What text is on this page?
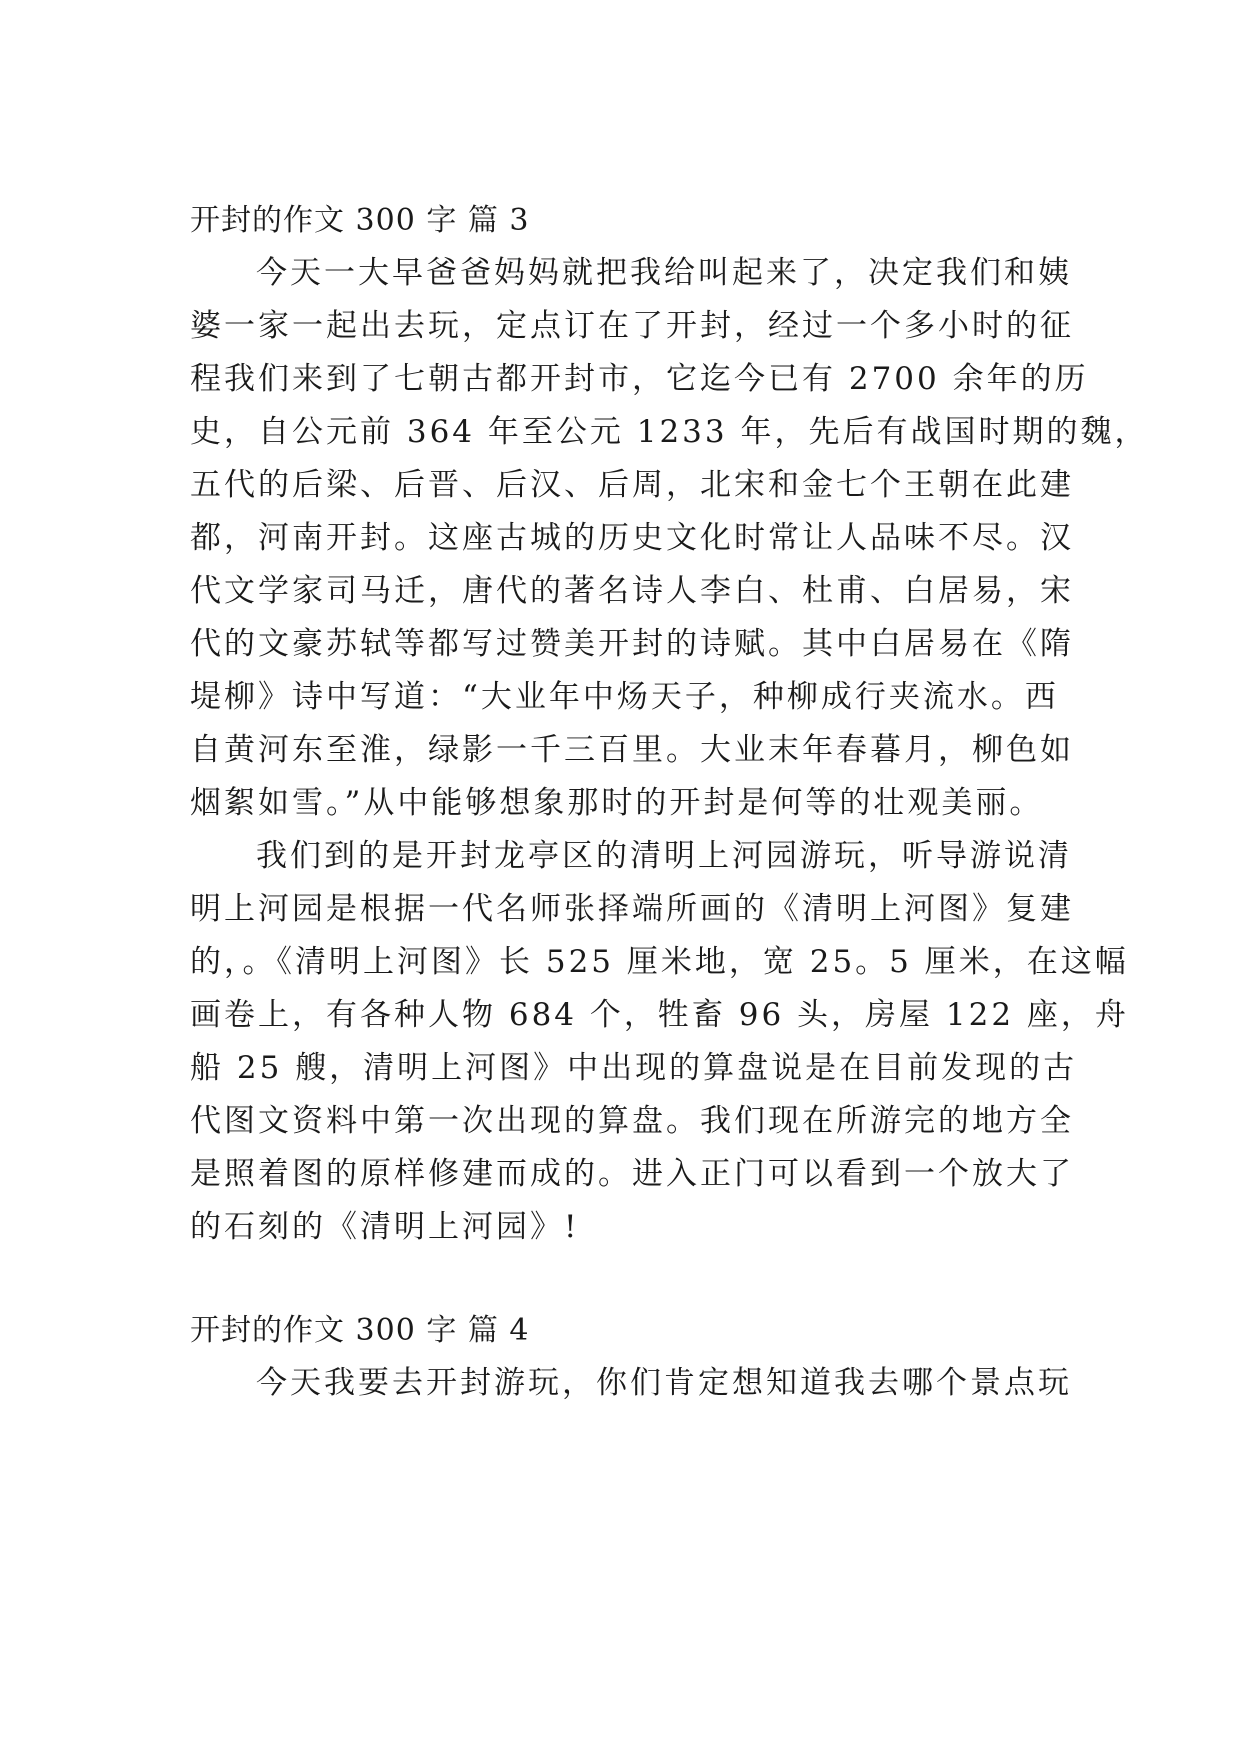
开封的作文 300 字 篇 3
今天一大早爸爸妈妈就把我给叫起来了，决定我们和姨
婆一家一起出去玩，定点订在了开封，经过一个多小时的征
程我们来到了七朝古都开封市，它迄今已有 2700 余年的历
史，自公元前 364 年至公元 1233 年，先后有战国时期的魏，
五代的后梁、后晋、后汉、后周，北宋和金七个王朝在此建
都，河南开封。这座古城的历史文化时常让人品味不尽。汉
代文学家司马迁，唐代的著名诗人李白、杜甫、白居易，宋
代的文豪苏轼等都写过赞美开封的诗赋。其中白居易在《隋
堤柳》诗中写道：“大业年中炀天子，种柳成行夹流水。西
自黄河东至淮，绿影一千三百里。大业末年春暮月，柳色如
烟絮如雪。”从中能够想象那时的开封是何等的壮观美丽。
我们到的是开封龙亭区的清明上河园游玩，听导游说清
明上河园是根据一代名师张择端所画的《清明上河图》复建
的，。《清明上河图》长 525 厘米地，宽 25。5 厘米，在这幅
画卷上，有各种人物 684 个，牲畜 96 头，房屋 122 座，舟
船 25 艘，清明上河图》中出现的算盘说是在目前发现的古
代图文资料中第一次出现的算盘。我们现在所游完的地方全
是照着图的原样修建而成的。进入正门可以看到一个放大了
的石刻的《清明上河园》!
开封的作文 300 字 篇 4
今天我要去开封游玩，你们肯定想知道我去哪个景点玩
